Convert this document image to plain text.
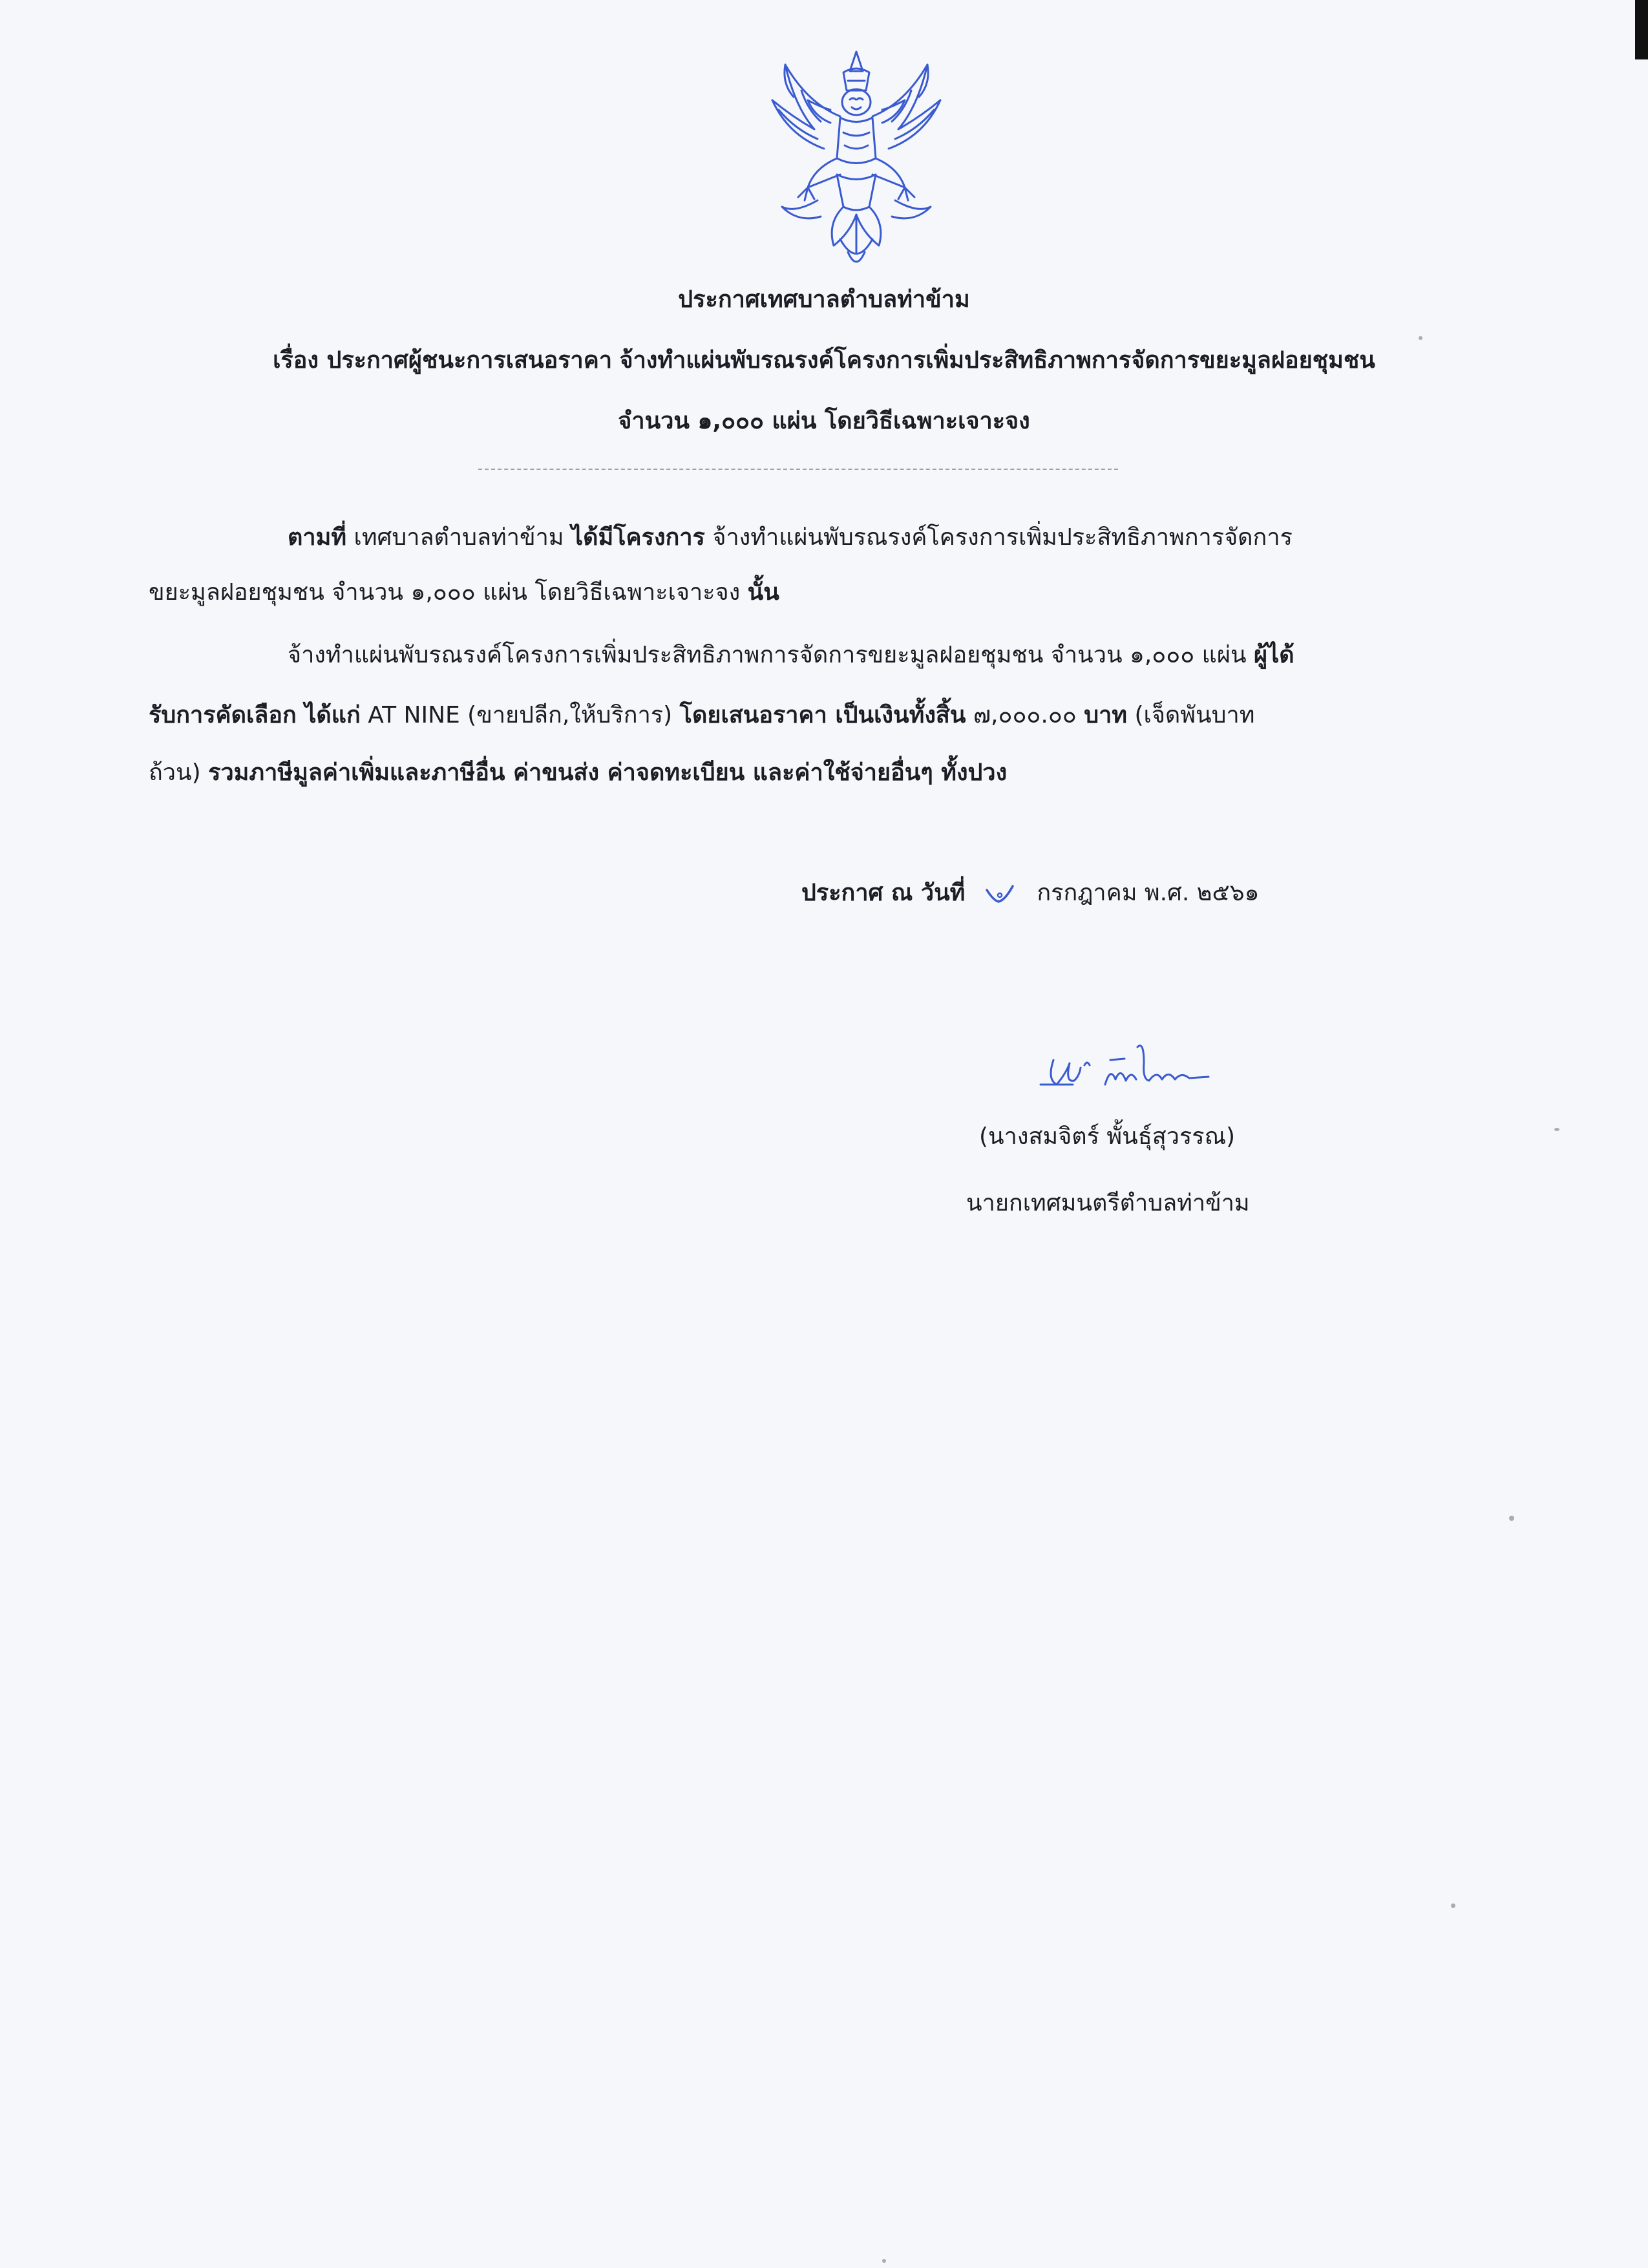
ประกาศเทศบาลตำบลท่าข้าม
เรื่อง ประกาศผู้ชนะการเสนอราคา จ้างทำแผ่นพับรณรงค์โครงการเพิ่มประสิทธิภาพการจัดการขยะมูลฝอยชุมชน
จำนวน ๑,๐๐๐ แผ่น โดยวิธีเฉพาะเจาะจง
ตามที่ เทศบาลตำบลท่าข้าม ได้มีโครงการ จ้างทำแผ่นพับรณรงค์โครงการเพิ่มประสิทธิภาพการจัดการ
ขยะมูลฝอยชุมชน จำนวน ๑,๐๐๐ แผ่น โดยวิธีเฉพาะเจาะจง นั้น
จ้างทำแผ่นพับรณรงค์โครงการเพิ่มประสิทธิภาพการจัดการขยะมูลฝอยชุมชน จำนวน ๑,๐๐๐ แผ่น ผู้ได้
รับการคัดเลือก ได้แก่ AT NINE (ขายปลีก,ให้บริการ) โดยเสนอราคา เป็นเงินทั้งสิ้น ๗,๐๐๐.๐๐ บาท (เจ็ดพันบาท
ถ้วน) รวมภาษีมูลค่าเพิ่มและภาษีอื่น ค่าขนส่ง ค่าจดทะเบียน และค่าใช้จ่ายอื่นๆ ทั้งปวง
ประกาศ ณ วันที่	กรกฎาคม พ.ศ. ๒๕๖๑
(นางสมจิตร์ พั้นธุ์สุวรรณ)
นายกเทศมนตรีตำบลท่าข้าม
